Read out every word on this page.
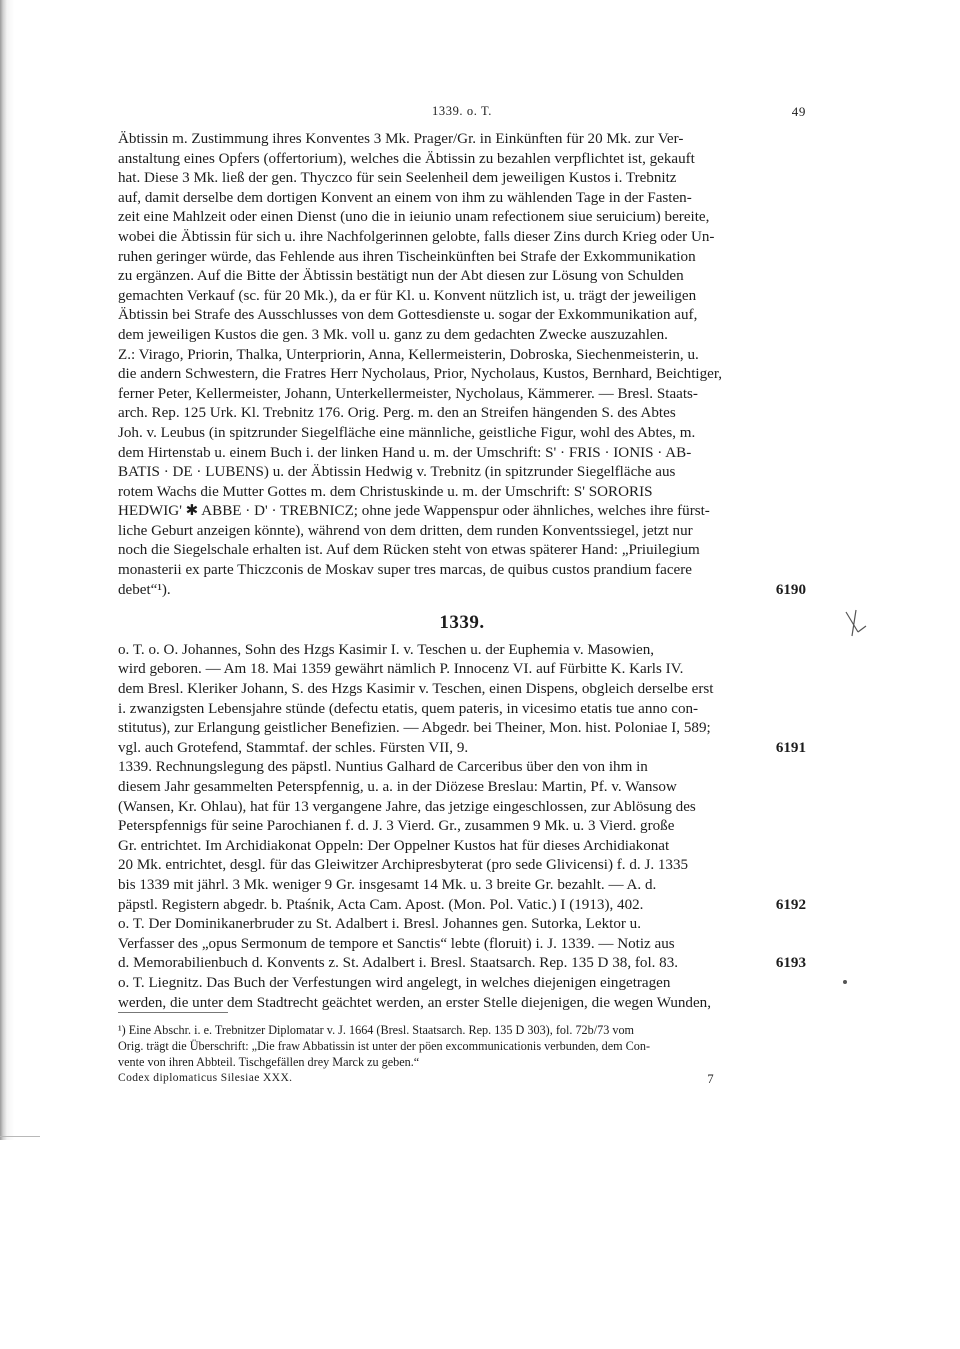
1339. o. T.	49
Äbtissin m. Zustimmung ihres Konventes 3 Mk. Prager/Gr. in Einkünften für 20 Mk. zur Ver-
anstaltung eines Opfers (offertorium), welches die Äbtissin zu bezahlen verpflichtet ist, gekauft
hat. Diese 3 Mk. ließ der gen. Thyczco für sein Seelenheil dem jeweiligen Kustos i. Trebnitz
auf, damit derselbe dem dortigen Konvent an einem von ihm zu wählenden Tage in der Fasten-
zeit eine Mahlzeit oder einen Dienst (uno die in ieiunio unam refectionem siue seruicium) bereite,
wobei die Äbtissin für sich u. ihre Nachfolgerinnen gelobte, falls dieser Zins durch Krieg oder Un-
ruhen geringer würde, das Fehlende aus ihren Tischeinkünften bei Strafe der Exkommunikation
zu ergänzen. Auf die Bitte der Äbtissin bestätigt nun der Abt diesen zur Lösung von Schulden
gemachten Verkauf (sc. für 20 Mk.), da er für Kl. u. Konvent nützlich ist, u. trägt der jeweiligen
Äbtissin bei Strafe des Ausschlusses von dem Gottesdienste u. sogar der Exkommunikation auf,
dem jeweiligen Kustos die gen. 3 Mk. voll u. ganz zu dem gedachten Zwecke auszuzahlen.
Z.: Virago, Priorin, Thalka, Unterpriorin, Anna, Kellermeisterin, Dobroska, Siechenmeisterin, u.
die andern Schwestern, die Fratres Herr Nycholaus, Prior, Nycholaus, Kustos, Bernhard, Beichtiger,
ferner Peter, Kellermeister, Johann, Unterkellermeister, Nycholaus, Kämmerer. — Bresl. Staats-
arch. Rep. 125 Urk. Kl. Trebnitz 176. Orig. Perg. m. den an Streifen hängenden S. des Abtes
Joh. v. Leubus (in spitzrunder Siegelfläche eine männliche, geistliche Figur, wohl des Abtes, m.
dem Hirtenstab u. einem Buch i. der linken Hand u. m. der Umschrift: S' · FRIS · IONIS · AB-
BATIS · DE · LUBENS) u. der Äbtissin Hedwig v. Trebnitz (in spitzrunder Siegelfläche aus
rotem Wachs die Mutter Gottes m. dem Christuskinde u. m. der Umschrift: S' SORORIS
HEDWIG' ✱ ABBE · D' · TREBNICZ; ohne jede Wappenspur oder ähnliches, welches ihre fürst-
liche Geburt anzeigen könnte), während von dem dritten, dem runden Konventssiegel, jetzt nur
noch die Siegelschale erhalten ist. Auf dem Rücken steht von etwas späterer Hand: „Priuilegium
monasterii ex parte Thiczconis de Moskav super tres marcas, de quibus custos prandium facere
debet“¹).	6190
1339.
o. T. o. O. Johannes, Sohn des Hzgs Kasimir I. v. Teschen u. der Euphemia v. Masowien,
wird geboren. — Am 18. Mai 1359 gewährt nämlich P. Innocenz VI. auf Fürbitte K. Karls IV.
dem Bresl. Kleriker Johann, S. des Hzgs Kasimir v. Teschen, einen Dispens, obgleich derselbe erst
i. zwanzigsten Lebensjahre stünde (defectu etatis, quem pateris, in vicesimo etatis tue anno con-
stitutus), zur Erlangung geistlicher Benefizien. — Abgedr. bei Theiner, Mon. hist. Poloniae I, 589;
vgl. auch Grotefend, Stammtaf. der schles. Fürsten VII, 9.	6191
1339. Rechnungslegung des päpstl. Nuntius Galhard de Carceribus über den von ihm in
diesem Jahr gesammelten Peterspfennig, u. a. in der Diözese Breslau: Martin, Pf. v. Wansow
(Wansen, Kr. Ohlau), hat für 13 vergangene Jahre, das jetzige eingeschlossen, zur Ablösung des
Peterspfennigs für seine Parochianen f. d. J. 3 Vierd. Gr., zusammen 9 Mk. u. 3 Vierd. große
Gr. entrichtet. Im Archidiakonat Oppeln: Der Oppelner Kustos hat für dieses Archidiakonat
20 Mk. entrichtet, desgl. für das Gleiwitzer Archipresbyterat (pro sede Glivicensi) f. d. J. 1335
bis 1339 mit jährl. 3 Mk. weniger 9 Gr. insgesamt 14 Mk. u. 3 breite Gr. bezahlt. — A. d.
päpstl. Registern abgedr. b. Ptaśnik, Acta Cam. Apost. (Mon. Pol. Vatic.) I (1913), 402.	6192
o. T. Der Dominikanerbruder zu St. Adalbert i. Bresl. Johannes gen. Sutorka, Lektor u.
Verfasser des „opus Sermonum de tempore et Sanctis“ lebte (floruit) i. J. 1339. — Notiz aus
d. Memorabilienbuch d. Konvents z. St. Adalbert i. Bresl. Staatsarch. Rep. 135 D 38, fol. 83.	6193
o. T. Liegnitz. Das Buch der Verfestungen wird angelegt, in welches diejenigen eingetragen
werden, die unter dem Stadtrecht geächtet werden, an erster Stelle diejenigen, die wegen Wunden,

¹) Eine Abschr. i. e. Trebnitzer Diplomatar v. J. 1664 (Bresl. Staatsarch. Rep. 135 D 303), fol. 72b/73 vom

Orig. trägt die Überschrift: „Die fraw Abbatissin ist unter der pöen excommunicationis verbunden, dem Con-

vente von ihren Abbteil. Tischgefällen drey Marck zu geben.“

Codex diplomaticus Silesiae XXX.	7
